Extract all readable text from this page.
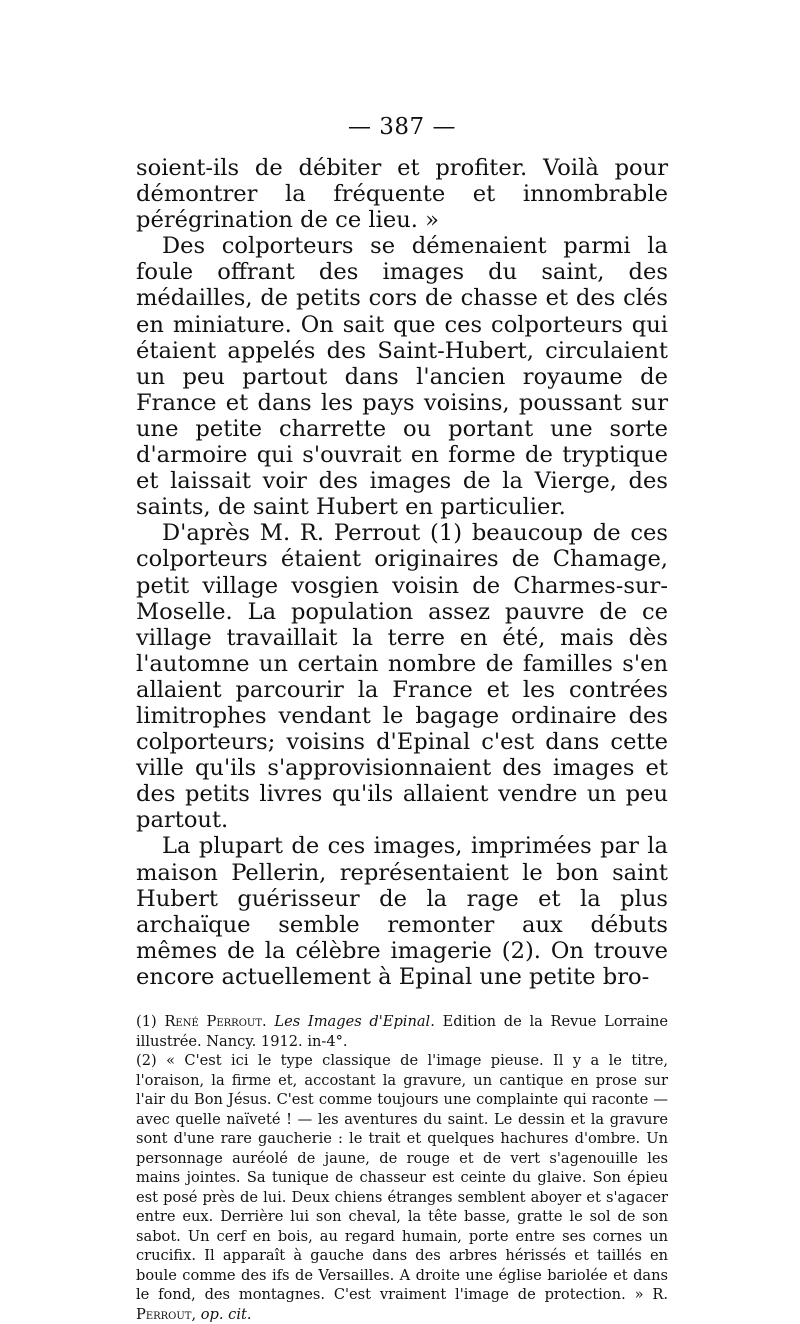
— 387 —

soient-ils de débiter et profiter. Voilà pour démontrer la fréquente et innombrable pérégrination de ce lieu. »

Des colporteurs se démenaient parmi la foule offrant des images du saint, des médailles, de petits cors de chasse et des clés en miniature. On sait que ces colporteurs qui étaient appelés des Saint-Hubert, circulaient un peu partout dans l'ancien royaume de France et dans les pays voisins, poussant sur une petite charrette ou portant une sorte d'armoire qui s'ouvrait en forme de tryptique et laissait voir des images de la Vierge, des saints, de saint Hubert en particulier.

D'après M. R. Perrout (1) beaucoup de ces colporteurs étaient originaires de Chamage, petit village vosgien voisin de Charmes-sur-Moselle. La population assez pauvre de ce village travaillait la terre en été, mais dès l'automne un certain nombre de familles s'en allaient parcourir la France et les contrées limitrophes vendant le bagage ordinaire des colporteurs; voisins d'Epinal c'est dans cette ville qu'ils s'approvisionnaient des images et des petits livres qu'ils allaient vendre un peu partout.

La plupart de ces images, imprimées par la maison Pellerin, représentaient le bon saint Hubert guérisseur de la rage et la plus archaïque semble remonter aux débuts mêmes de la célèbre imagerie (2). On trouve encore actuellement à Epinal une petite bro-

(1) René Perrout. Les Images d'Epinal. Edition de la Revue Lorraine illustrée. Nancy. 1912. in-4°.

(2) « C'est ici le type classique de l'image pieuse. Il y a le titre, l'oraison, la firme et, accostant la gravure, un cantique en prose sur l'air du Bon Jésus. C'est comme toujours une complainte qui raconte — avec quelle naïveté ! — les aventures du saint. Le dessin et la gravure sont d'une rare gaucherie : le trait et quelques hachures d'ombre. Un personnage auréolé de jaune, de rouge et de vert s'agenouille les mains jointes. Sa tunique de chasseur est ceinte du glaive. Son épieu est posé près de lui. Deux chiens étranges semblent aboyer et s'agacer entre eux. Derrière lui son cheval, la tête basse, gratte le sol de son sabot. Un cerf en bois, au regard humain, porte entre ses cornes un crucifix. Il apparaît à gauche dans des arbres hérissés et taillés en boule comme des ifs de Versailles. A droite une église bariolée et dans le fond, des montagnes. C'est vraiment l'image de protection. » R. Perrout, op. cit.
